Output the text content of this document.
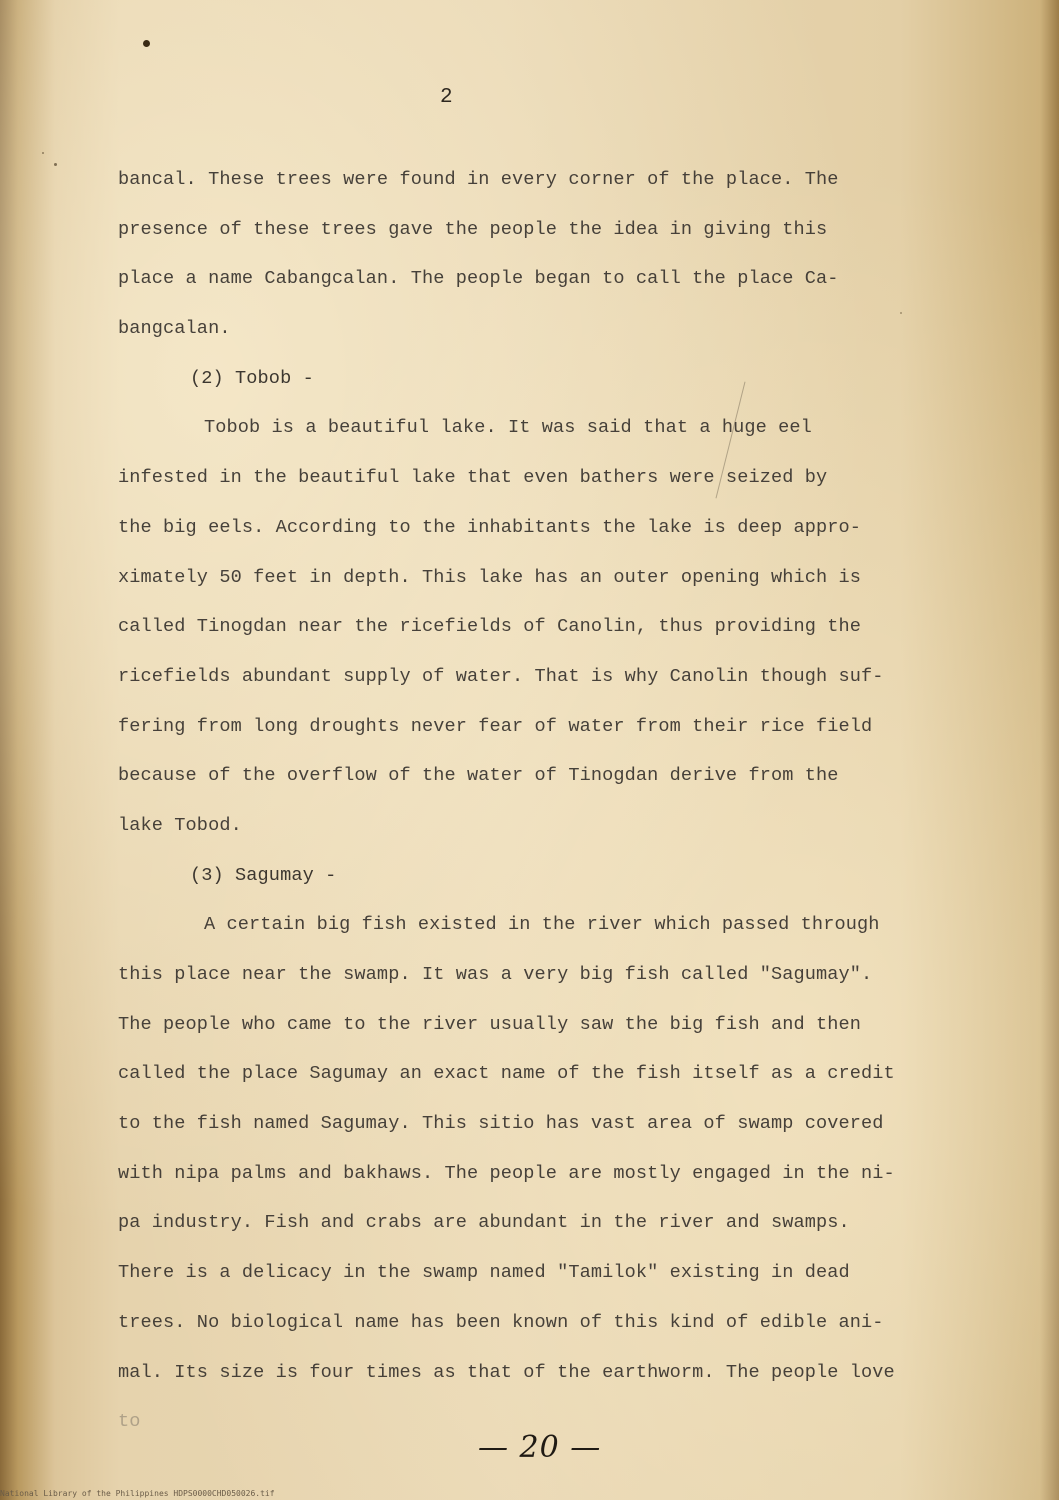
2
bancal. These trees were found in every corner of the place. The
presence of these trees gave the people the idea in giving this
place a name Cabangcalan. The people began to call the place Ca-
bangcalan.
(2) Tobob -
Tobob is a beautiful lake. It was said that a huge eel
infested in the beautiful lake that even bathers were seized by
the big eels. According to the inhabitants the lake is deep appro-
ximately 50 feet in depth. This lake has an outer opening which is
called Tinogdan near the ricefields of Canolin, thus providing the
ricefields abundant supply of water. That is why Canolin though suf-
fering from long droughts never fear of water from their rice field
because of the overflow of the water of Tinogdan derive from the
lake Tobod.
(3) Sagumay -
A certain big fish existed in the river which passed through
this place near the swamp. It was a very big fish called "Sagumay".
The people who came to the river usually saw the big fish and then
called the place Sagumay an exact name of the fish itself as a credit
to the fish named Sagumay. This sitio has vast area of swamp covered
with nipa palms and bakhaws. The people are mostly engaged in the ni-
pa industry. Fish and crabs are abundant in the river and swamps.
There is a delicacy in the swamp named "Tamilok" existing in dead
trees. No biological name has been known of this kind of edible ani-
mal. Its size is four times as that of the earthworm. The people love
to
— 20 —
National Library of the Philippines HDPS0000CHD050026.tif
